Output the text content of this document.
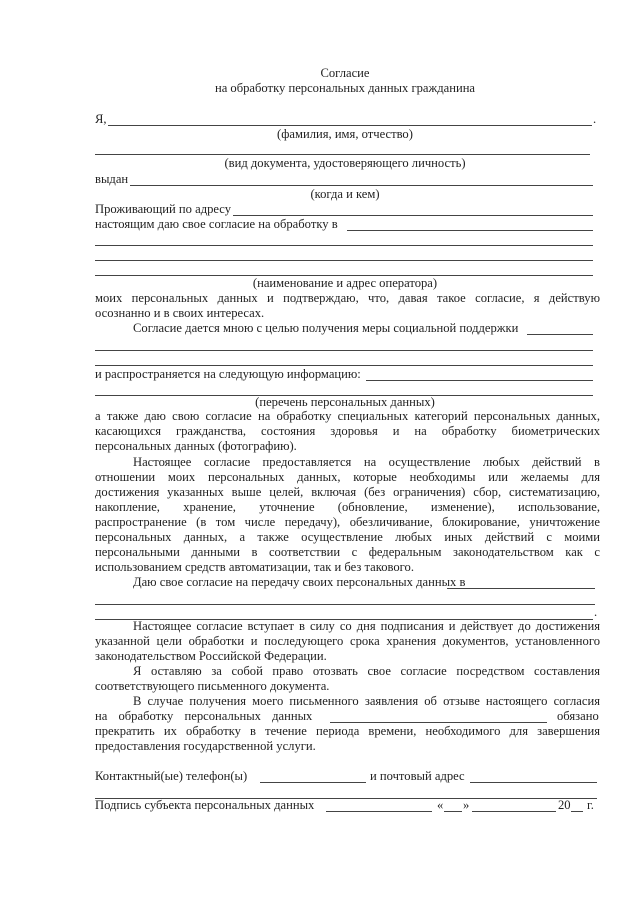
Согласие
на обработку персональных данных гражданина
Я,	.
(фамилия, имя, отчество)
(вид документа, удостоверяющего личность)
выдан
(когда и кем)
Проживающий по адресу
настоящим даю свое согласие на обработку в
(наименование и адрес оператора)
моих персональных данных и подтверждаю, что, давая такое согласие, я действую
осознанно и в своих интересах.
Согласие дается мною с целью получения меры социальной поддержки
и распространяется на следующую информацию:
(перечень персональных данных)
а также даю свою согласие на обработку специальных категорий персональных данных,
касающихся гражданства, состояния здоровья и на обработку биометрических
персональных данных (фотографию).
Настоящее согласие предоставляется на осуществление любых действий в
отношении моих персональных данных, которые необходимы или желаемы для
достижения указанных выше целей, включая (без ограничения) сбор, систематизацию,
накопление, хранение, уточнение (обновление, изменение), использование,
распространение (в том числе передачу), обезличивание, блокирование, уничтожение
персональных данных, а также осуществление любых иных действий с моими
персональными данными в соответствии с федеральным законодательством как с
использованием средств автоматизации, так и без такового.
Даю свое согласие на передачу своих персональных данных в
.
Настоящее согласие вступает в силу со дня подписания и действует до достижения
указанной цели обработки и последующего срока хранения документов, установленного
законодательством Российской Федерации.
Я оставляю за собой право отозвать свое согласие посредством составления
соответствующего письменного документа.
В случае получения моего письменного заявления об отзыве настоящего согласия
на обработку персональных данных	обязано
прекратить их обработку в течение периода времени, необходимого для завершения
предоставления государственной услуги.
Контактный(ые) телефон(ы)	и почтовый адрес
Подпись субъекта персональных данных	« »	20 г.
